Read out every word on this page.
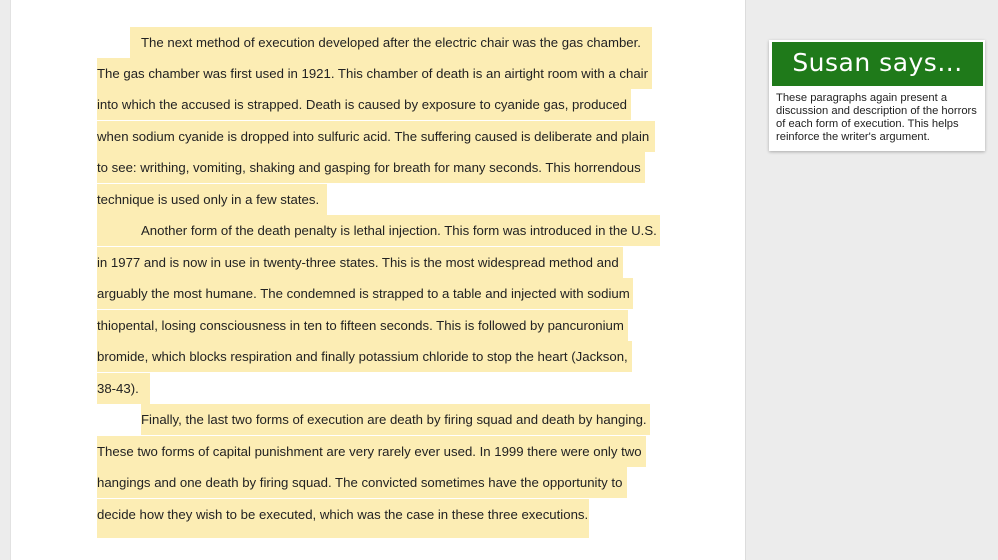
The next method of execution developed after the electric chair was the gas chamber.
The gas chamber was first used in 1921. This chamber of death is an airtight room with a chair
into which the accused is strapped. Death is caused by exposure to cyanide gas, produced
when sodium cyanide is dropped into sulfuric acid. The suffering caused is deliberate and plain
to see: writhing, vomiting, shaking and gasping for breath for many seconds. This horrendous
technique is used only in a few states.
Another form of the death penalty is lethal injection. This form was introduced in the U.S.
in 1977 and is now in use in twenty-three states. This is the most widespread method and
arguably the most humane. The condemned is strapped to a table and injected with sodium
thiopental, losing consciousness in ten to fifteen seconds. This is followed by pancuronium
bromide, which blocks respiration and finally potassium chloride to stop the heart (Jackson,
38-43).
Finally, the last two forms of execution are death by firing squad and death by hanging.
These two forms of capital punishment are very rarely ever used. In 1999 there were only two
hangings and one death by firing squad. The convicted sometimes have the opportunity to
decide how they wish to be executed, which was the case in these three executions.
Susan says...
These paragraphs again present a discussion and description of the horrors of each form of execution. This helps reinforce the writer's argument.
